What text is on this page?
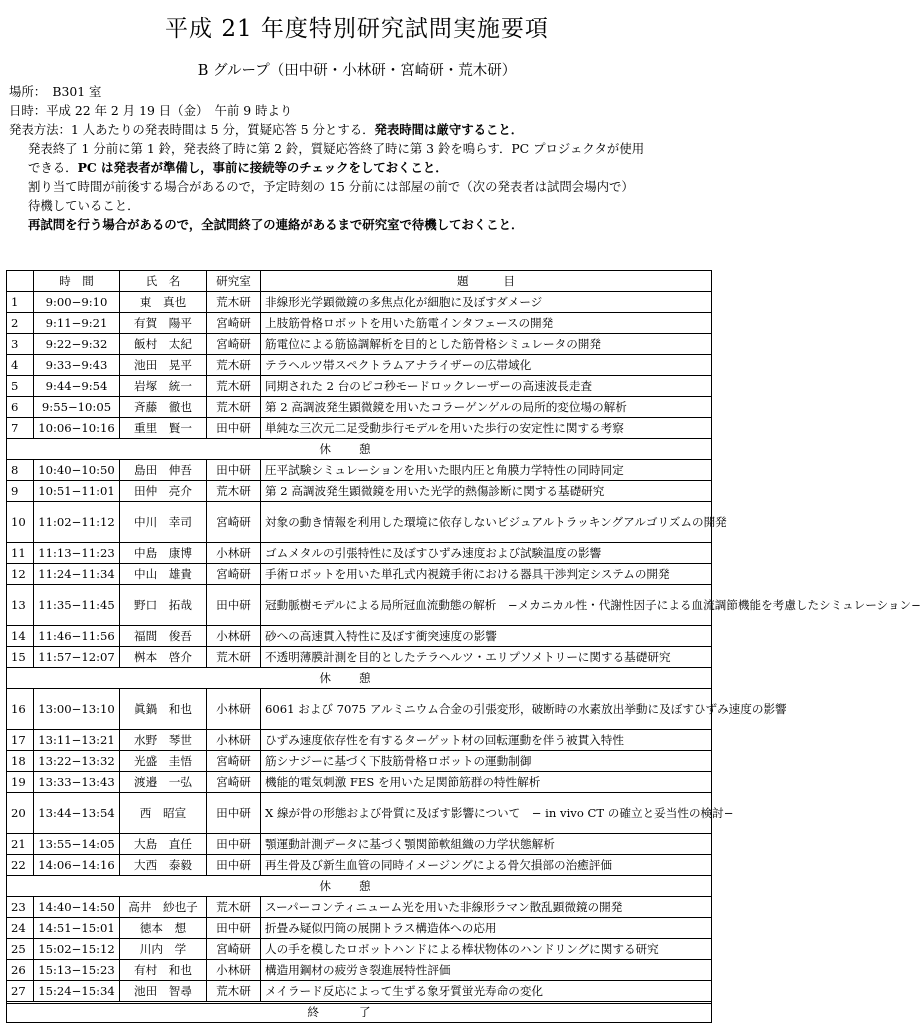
平成 21 年度特別研究試問実施要項
B グループ（田中研・小林研・宮崎研・荒木研）
場所：　B301 室
日時：平成 22 年 2 月 19 日（金）　午前 9 時より
発表方法：1 人あたりの発表時間は 5 分，質疑応答 5 分とする．発表時間は厳守すること．
発表終了 1 分前に第 1 鈴，発表終了時に第 2 鈴，質疑応答終了時に第 3 鈴を鳴らす．PC プロジェクタが使用
できる．PC は発表者が準備し，事前に接続等のチェックをしておくこと．
割り当て時間が前後する場合があるので，予定時刻の 15 分前には部屋の前で（次の発表者は試問会場内で）
待機していること．
再試問を行う場合があるので，全試問終了の連絡があるまで研究室で待機しておくこと．
	時　間	氏　名	研究室	題　　　目
1	9:00−9:10	東　真也	荒木研	非線形光学顕微鏡の多焦点化が細胞に及ぼすダメージ
2	9:11−9:21	有賀　陽平	宮崎研	上肢筋骨格ロボットを用いた筋電インタフェースの開発
3	9:22−9:32	飯村　太紀	宮崎研	筋電位による筋協調解析を目的とした筋骨格シミュレータの開発
4	9:33−9:43	池田　晃平	荒木研	テラヘルツ帯スペクトラムアナライザーの広帯域化
5	9:44−9:54	岩塚　統一	荒木研	同期された 2 台のピコ秒モードロックレーザーの高速波長走査
6	9:55−10:05	斉藤　徹也	荒木研	第 2 高調波発生顕微鏡を用いたコラーゲンゲルの局所的変位場の解析
7	10:06−10:16	重里　賢一	田中研	単純な三次元二足受動歩行モデルを用いた歩行の安定性に関する考察
休憩				
8	10:40−10:50	島田　伸吾	田中研	圧平試験シミュレーションを用いた眼内圧と角膜力学特性の同時同定
9	10:51−11:01	田仲　亮介	荒木研	第 2 高調波発生顕微鏡を用いた光学的熱傷診断に関する基礎研究
10	11:02−11:12	中川　幸司	宮崎研	対象の動き情報を利用した環境に依存しないビジュアルトラッキングアルゴリズムの開発
11	11:13−11:23	中島　康博	小林研	ゴムメタルの引張特性に及ぼすひずみ速度および試験温度の影響
12	11:24−11:34	中山　雄貴	宮崎研	手術ロボットを用いた単孔式内視鏡手術における器具干渉判定システムの開発
13	11:35−11:45	野口　拓哉	田中研	冠動脈樹モデルによる局所冠血流動態の解析　−メカニカル性・代謝性因子による血流調節機能を考慮したシミュレーション−
14	11:46−11:56	福間　俊吾	小林研	砂への高速貫入特性に及ぼす衝突速度の影響
15	11:57−12:07	桝本　啓介	荒木研	不透明薄膜計測を目的としたテラヘルツ・エリプソメトリーに関する基礎研究
休憩				
16	13:00−13:10	眞鍋　和也	小林研	6061 および 7075 アルミニウム合金の引張変形，破断時の水素放出挙動に及ぼすひずみ速度の影響
17	13:11−13:21	水野　琴世	小林研	ひずみ速度依存性を有するターゲット材の回転運動を伴う被貫入特性
18	13:22−13:32	光盛　圭悟	宮崎研	筋シナジーに基づく下肢筋骨格ロボットの運動制御
19	13:33−13:43	渡邉　一弘	宮崎研	機能的電気刺激 FES を用いた足関節筋群の特性解析
20	13:44−13:54	西　昭宣	田中研	X 線が骨の形態および骨質に及ぼす影響について　− in vivo CT の確立と妥当性の検討−
21	13:55−14:05	大島　直任	田中研	顎運動計測データに基づく顎関節軟組織の力学状態解析
22	14:06−14:16	大西　泰毅	田中研	再生骨及び新生血管の同時イメージングによる骨欠損部の治癒評価
休憩				
23	14:40−14:50	高井　紗也子	荒木研	スーパーコンティニューム光を用いた非線形ラマン散乱顕微鏡の開発
24	14:51−15:01	徳本　想	田中研	折畳み疑似円筒の展開トラス構造体への応用
25	15:02−15:12	川内　学	宮崎研	人の手を模したロボットハンドによる棒状物体のハンドリングに関する研究
26	15:13−15:23	有村　和也	小林研	構造用鋼材の疲労き裂進展特性評価
27	15:24−15:34	池田　智尋	荒木研	メイラード反応によって生ずる象牙質蛍光寿命の変化
終了				
